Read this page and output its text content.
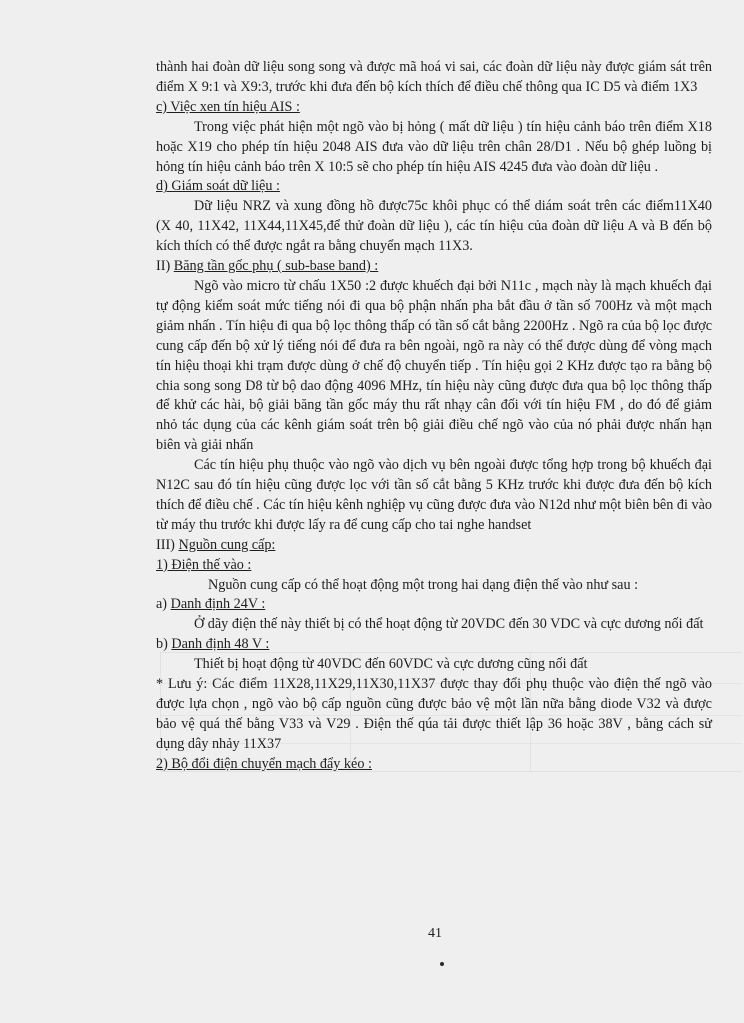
thành hai đoàn dữ liệu song song và được mã hoá vi sai, các đoàn dữ liệu này được giám sát trên điểm X 9:1 và X9:3, trước khi đưa đến bộ kích thích để điều chế thông qua IC D5 và điểm 1X3

c) Việc xen tín hiệu AIS :

Trong việc phát hiện một ngõ vào bị hỏng ( mất dữ liệu ) tín hiệu cảnh báo trên điểm X18 hoặc X19 cho phép tín hiệu 2048 AIS đưa vào dữ liệu trên chân 28/D1 . Nếu bộ ghép luồng bị hỏng tín hiệu cảnh báo trên X 10:5 sẽ cho phép tín hiệu AIS 4245 đưa vào đoàn dữ liệu .

d) Giám soát dữ liệu :

Dữ liệu NRZ và xung đồng hồ được75c khôi phục có thể diám soát trên các điểm11X40 (X 40, 11X42, 11X44,11X45,để thử đoàn dữ liệu ), các tín hiệu của đoàn dữ liệu A và B đến bộ kích thích có thể được ngắt ra bằng chuyển mạch 11X3.

II) Băng tần gốc phụ ( sub-base band) :

Ngõ vào micro từ chấu 1X50 :2 được khuếch đại bởi N11c , mạch này là mạch khuếch đại tự động kiểm soát mức tiếng nói đi qua bộ phận nhấn pha bắt đầu ở tần số 700Hz và một mạch giảm nhấn . Tín hiệu đi qua bộ lọc thông thấp có tần số cắt bằng 2200Hz . Ngõ ra của bộ lọc được cung cấp đến bộ xử lý tiếng nói để đưa ra bên ngoài, ngõ ra này có thể được dùng để vòng mạch tín hiệu thoại khi trạm được dùng ở chế độ chuyển tiếp . Tín hiệu gọi 2 KHz được tạo ra bằng bộ chia song song D8 từ bộ dao động 4096 MHz, tín hiệu này cũng được đưa qua bộ lọc thông thấp để khử các hài, bộ giải băng tần gốc máy thu rất nhạy cân đối với tín hiệu FM , do đó để giảm nhỏ tác dụng của các kênh giám soát trên bộ giải điều chế ngõ vào của nó phải được nhấn hạn biên và giải nhấn

Các tín hiệu phụ thuộc vào ngõ vào dịch vụ bên ngoài được tổng hợp trong bộ khuếch đại N12C sau đó tín hiệu cũng được lọc với tần số cắt bằng 5 KHz trước khi được đưa đến bộ kích thích để điều chế . Các tín hiệu kênh nghiệp vụ cũng được đưa vào N12d như một biên bên đi vào từ máy thu trước khi được lấy ra để cung cấp cho tai nghe handset

III) Nguồn cung cấp:

1) Điện thế vào :

Nguồn cung cấp có thể hoạt động một trong hai dạng điện thế vào như sau :

a) Danh định 24V :

Ở dãy điện thế này thiết bị có thể hoạt động từ 20VDC đến 30 VDC và cực dương nối đất

b) Danh định 48 V :

Thiết bị hoạt động từ 40VDC đến 60VDC và cực dương cũng nối đất

* Lưu ý: Các điểm 11X28,11X29,11X30,11X37 được thay đổi phụ thuộc vào điện thế ngõ vào được lựa chọn , ngõ vào bộ cấp nguồn cũng được bảo vệ một lần nữa bằng diode V32 và được bảo vệ quá thế bằng V33 và V29 . Điện thế qúa tải được thiết lập 36 hoặc 38V , bằng cách sử dụng dây nhảy 11X37

2) Bộ đổi điện chuyển mạch đẩy kéo :

41
